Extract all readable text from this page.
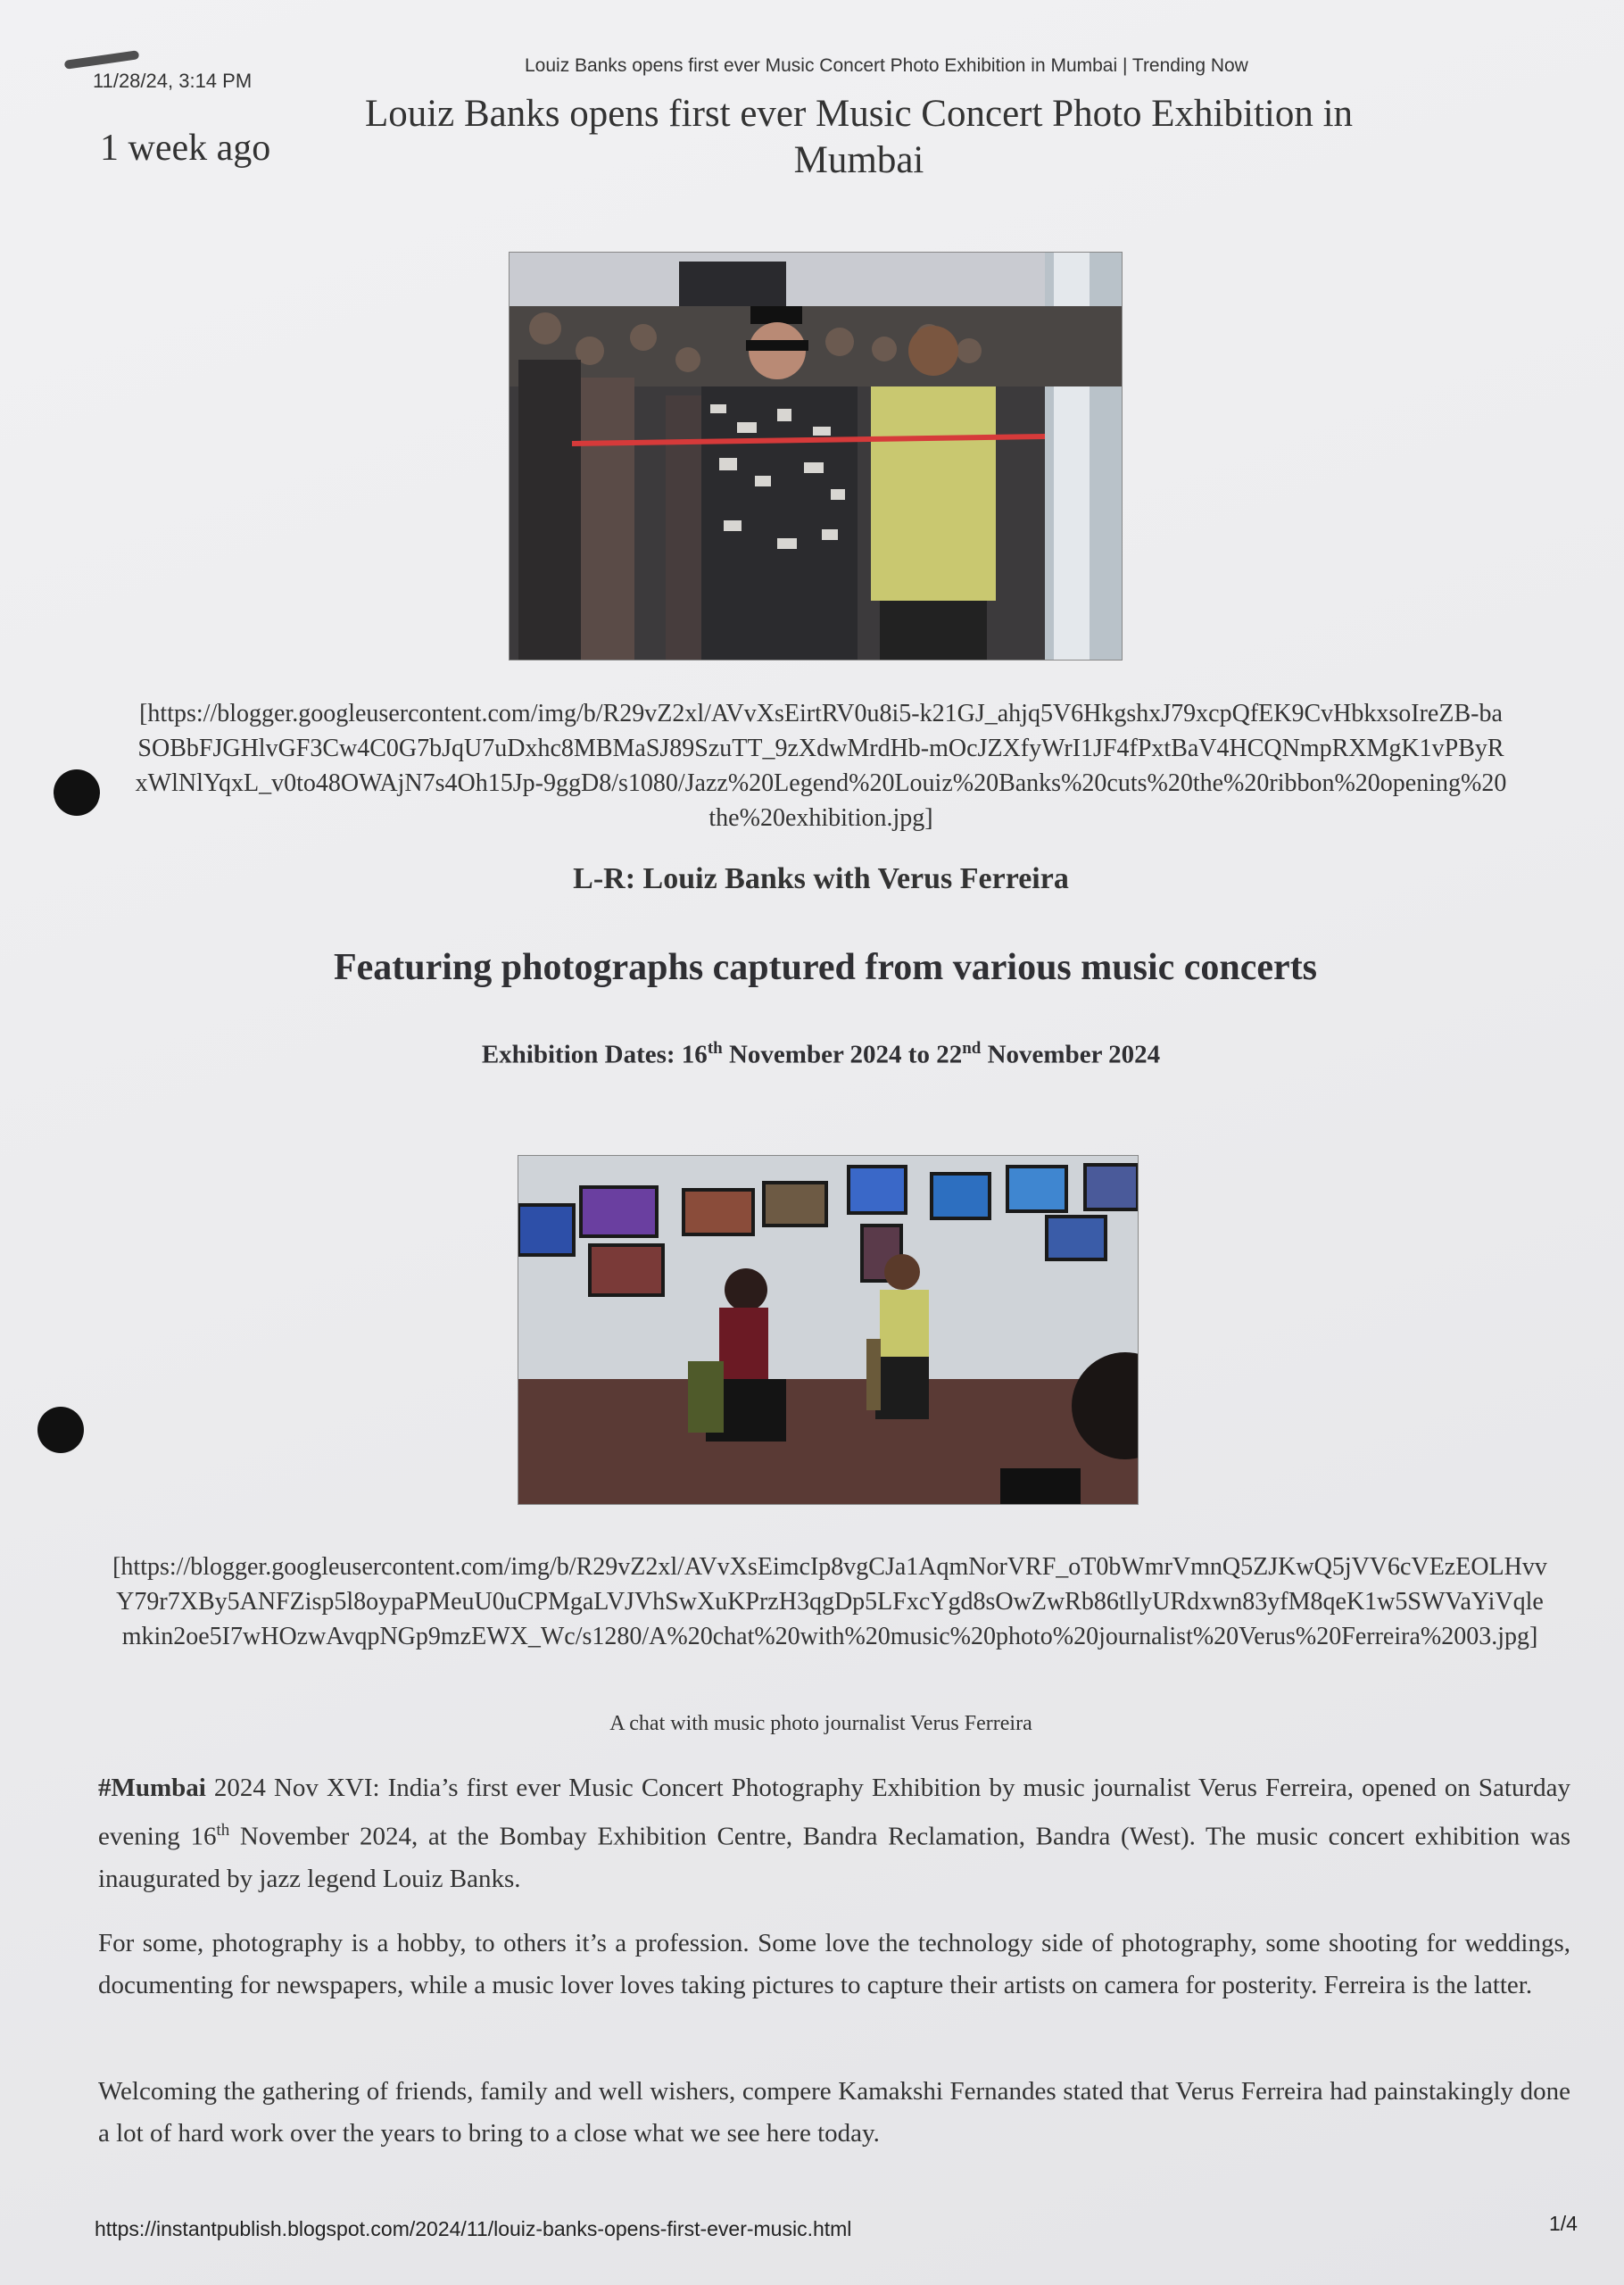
11/28/24, 3:14 PM
Louiz Banks opens first ever Music Concert Photo Exhibition in Mumbai | Trending Now
1 week ago
Louiz Banks opens first ever Music Concert Photo Exhibition in Mumbai
[https://blogger.googleusercontent.com/img/b/R29vZ2xl/AVvXsEirtRV0u8i5-k21GJ_ahjq5V6HkgshxJ79xcpQfEK9CvHbkxsoIreZB-baSOBbFJGHlvGF3Cw4C0G7bJqU7uDxhc8MBMaSJ89SzuTT_9zXdwMrdHb-mOcJZXfyWrI1JF4fPxtBaV4HCQNmpRXMgK1vPByRxWlNlYqxL_v0to48OWAjN7s4Oh15Jp-9ggD8/s1080/Jazz%20Legend%20Louiz%20Banks%20cuts%20the%20ribbon%20opening%20the%20exhibition.jpg]
L-R: Louiz Banks with Verus Ferreira
Featuring photographs captured from various music concerts
Exhibition Dates: 16th November 2024 to 22nd November 2024
[https://blogger.googleusercontent.com/img/b/R29vZ2xl/AVvXsEimcIp8vgCJa1AqmNorVRF_oT0bWmrVmnQ5ZJKwQ5jVV6cVEzEOLHvvY79r7XBy5ANFZisp5l8oypaPMeuU0uCPMgaLVJVhSwXuKPrzH3qgDp5LFxcYgd8sOwZwRb86tllyURdxwn83yfM8qeK1w5SWVaYiVqlemkin2oe5I7wHOzwAvqpNGp9mzEWX_Wc/s1280/A%20chat%20with%20music%20photo%20journalist%20Verus%20Ferreira%2003.jpg]
A chat with music photo journalist Verus Ferreira
#Mumbai 2024 Nov XVI: India’s first ever Music Concert Photography Exhibition by music journalist Verus Ferreira, opened on Saturday evening 16th November 2024, at the Bombay Exhibition Centre, Bandra Reclamation, Bandra (West). The music concert exhibition was inaugurated by jazz legend Louiz Banks.
For some, photography is a hobby, to others it’s a profession. Some love the technology side of photography, some shooting for weddings, documenting for newspapers, while a music lover loves taking pictures to capture their artists on camera for posterity. Ferreira is the latter.
Welcoming the gathering of friends, family and well wishers, compere Kamakshi Fernandes stated that Verus Ferreira had painstakingly done a lot of hard work over the years to bring to a close what we see here today.
https://instantpublish.blogspot.com/2024/11/louiz-banks-opens-first-ever-music.html	1/4
